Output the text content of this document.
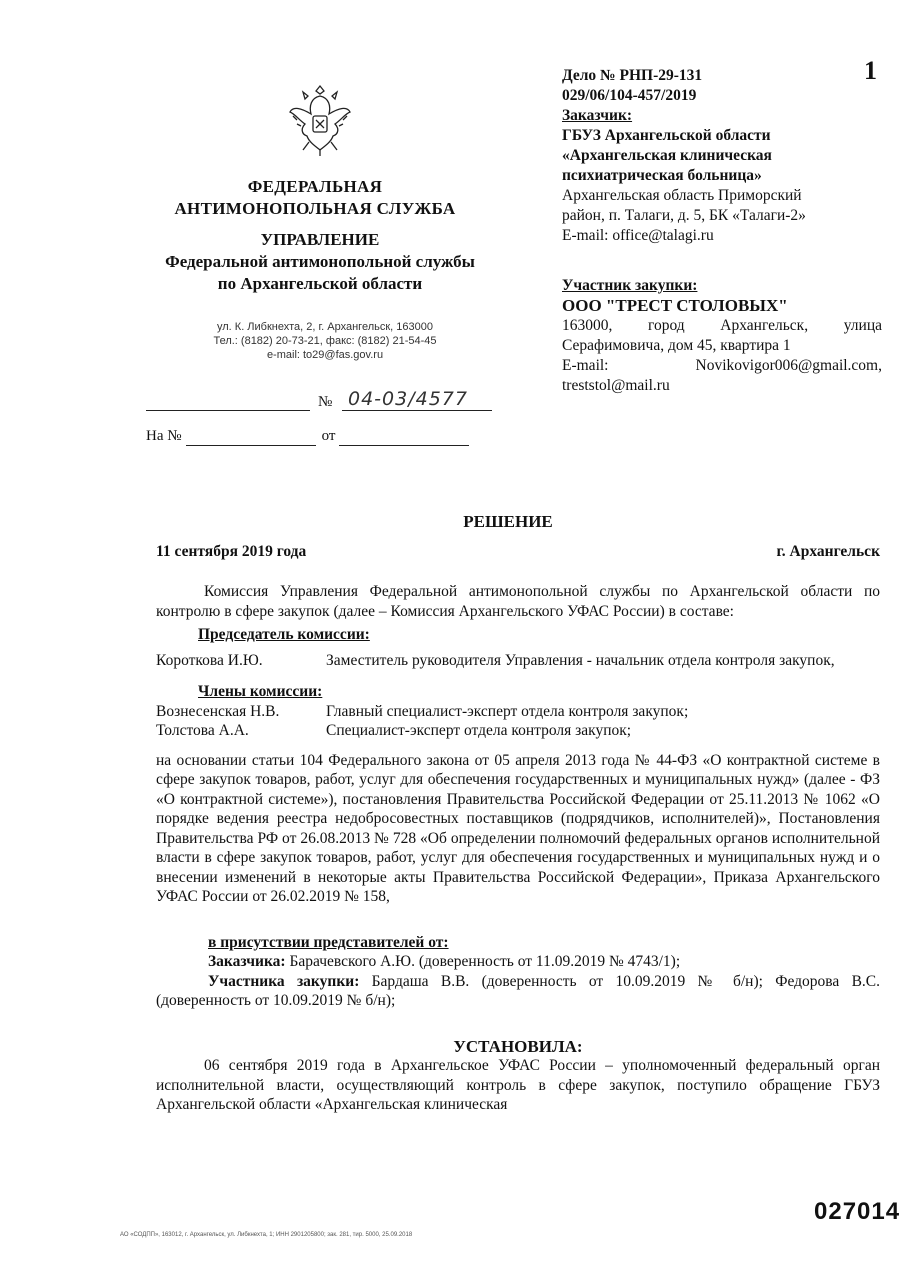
1
ФЕДЕРАЛЬНАЯ
АНТИМОНОПОЛЬНАЯ СЛУЖБА
УПРАВЛЕНИЕ
Федеральной антимонопольной службы
по Архангельской области
ул. К. Либкнехта, 2, г. Архангельск, 163000
Тел.: (8182) 20-73-21, факс: (8182) 21-54-45
e-mail: to29@fas.gov.ru
№ 04-03/4577
На №	от
Дело № РНП-29-131
029/06/104-457/2019
Заказчик:
ГБУЗ Архангельской области
«Архангельская клиническая
психиатрическая больница»
Архангельская область Приморский
район, п. Талаги, д. 5, БК «Талаги-2»
E-mail: office@talagi.ru
Участник закупки:
ООО "ТРЕСТ СТОЛОВЫХ"
163000, город Архангельск, улица
Серафимовича, дом 45, квартира 1
E-mail:	Novikovigor006@gmail.com,
treststol@mail.ru
РЕШЕНИЕ
11 сентября 2019 года	г. Архангельск
Комиссия Управления Федеральной антимонопольной службы по Архангельской области по контролю в сфере закупок (далее – Комиссия Архангельского УФАС России) в составе:
Председатель комиссии:
Короткова И.Ю.	Заместитель руководителя Управления - начальник отдела контроля закупок,
Члены комиссии:
Вознесенская Н.В.	Главный специалист-эксперт отдела контроля закупок;
Толстова А.А.	Специалист-эксперт отдела контроля закупок;
на основании статьи 104 Федерального закона от 05 апреля 2013 года № 44-ФЗ «О контрактной системе в сфере закупок товаров, работ, услуг для обеспечения государственных и муниципальных нужд» (далее - ФЗ «О контрактной системе»), постановления Правительства Российской Федерации от 25.11.2013 № 1062 «О порядке ведения реестра недобросовестных поставщиков (подрядчиков, исполнителей)», Постановления Правительства РФ от 26.08.2013 № 728 «Об определении полномочий федеральных органов исполнительной власти в сфере закупок товаров, работ, услуг для обеспечения государственных и муниципальных нужд и о внесении изменений в некоторые акты Правительства Российской Федерации», Приказа Архангельского УФАС России от 26.02.2019 № 158,
в присутствии представителей от:
Заказчика: Барачевского А.Ю. (доверенность от 11.09.2019 № 4743/1);
Участника закупки: Бардаша В.В. (доверенность от 10.09.2019 № б/н); Федорова В.С. (доверенность от 10.09.2019 № б/н);
УСТАНОВИЛА:
06 сентября 2019 года в Архангельское УФАС России – уполномоченный федеральный орган исполнительной власти, осуществляющий контроль в сфере закупок, поступило обращение ГБУЗ Архангельской области «Архангельская клиническая
АО «СОДПП», 163012, г. Архангельск, ул. Либкнехта, 1; ИНН 2901205800; зак. 281, тир. 5000, 25.09.2018
027014
